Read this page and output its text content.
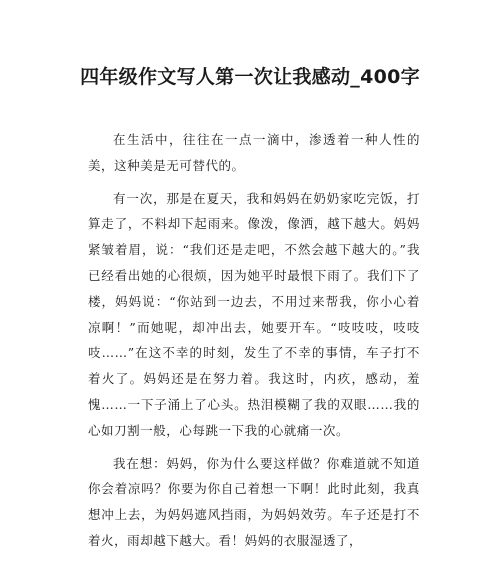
四年级作文写人第一次让我感动_400字

在生活中，往往在一点一滴中，渗透着一种人性的美，这种美是无可替代的。

有一次，那是在夏天，我和妈妈在奶奶家吃完饭，打算走了，不料却下起雨来。像泼，像洒，越下越大。妈妈紧皱着眉，说：“我们还是走吧，不然会越下越大的。”我已经看出她的心很烦，因为她平时最恨下雨了。我们下了楼，妈妈说：“你站到一边去，不用过来帮我，你小心着凉啊！”而她呢，却冲出去，她要开车。“吱吱吱，吱吱吱……”在这不幸的时刻，发生了不幸的事情，车子打不着火了。妈妈还是在努力着。我这时，内疚，感动，羞愧……一下子涌上了心头。热泪模糊了我的双眼……我的心如刀割一般，心每跳一下我的心就痛一次。

我在想：妈妈，你为什么要这样做？你难道就不知道你会着凉吗？你要为你自己着想一下啊！此时此刻，我真想冲上去，为妈妈遮风挡雨，为妈妈效劳。车子还是打不着火，雨却越下越大。看！妈妈的衣服湿透了，
